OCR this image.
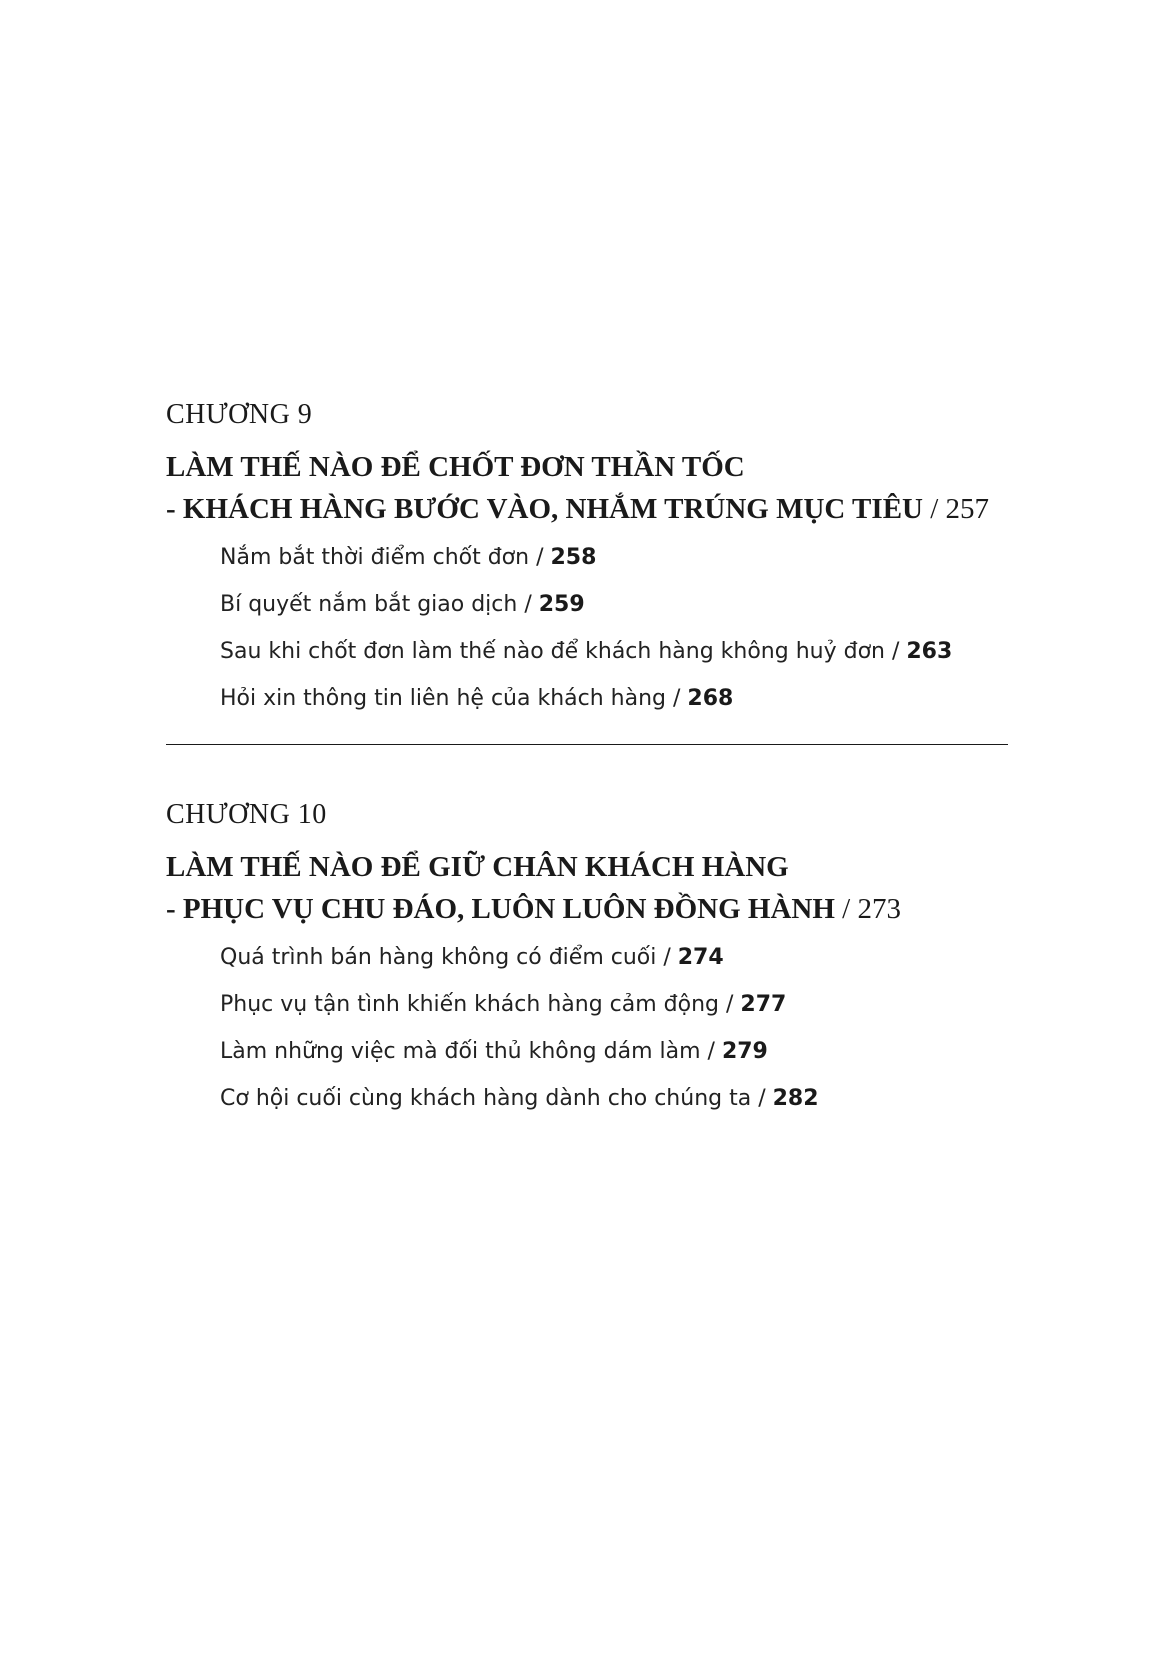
CHƯƠNG 9
LÀM THẾ NÀO ĐỂ CHỐT ĐƠN THẦN TỐC
- KHÁCH HÀNG BƯỚC VÀO, NHẮM TRÚNG MỤC TIÊU / 257
Nắm bắt thời điểm chốt đơn / 258
Bí quyết nắm bắt giao dịch / 259
Sau khi chốt đơn làm thế nào để khách hàng không huỷ đơn / 263
Hỏi xin thông tin liên hệ của khách hàng / 268
CHƯƠNG 10
LÀM THẾ NÀO ĐỂ GIỮ CHÂN KHÁCH HÀNG
- PHỤC VỤ CHU ĐÁO, LUÔN LUÔN ĐỒNG HÀNH / 273
Quá trình bán hàng không có điểm cuối / 274
Phục vụ tận tình khiến khách hàng cảm động / 277
Làm những việc mà đối thủ không dám làm / 279
Cơ hội cuối cùng khách hàng dành cho chúng ta / 282
